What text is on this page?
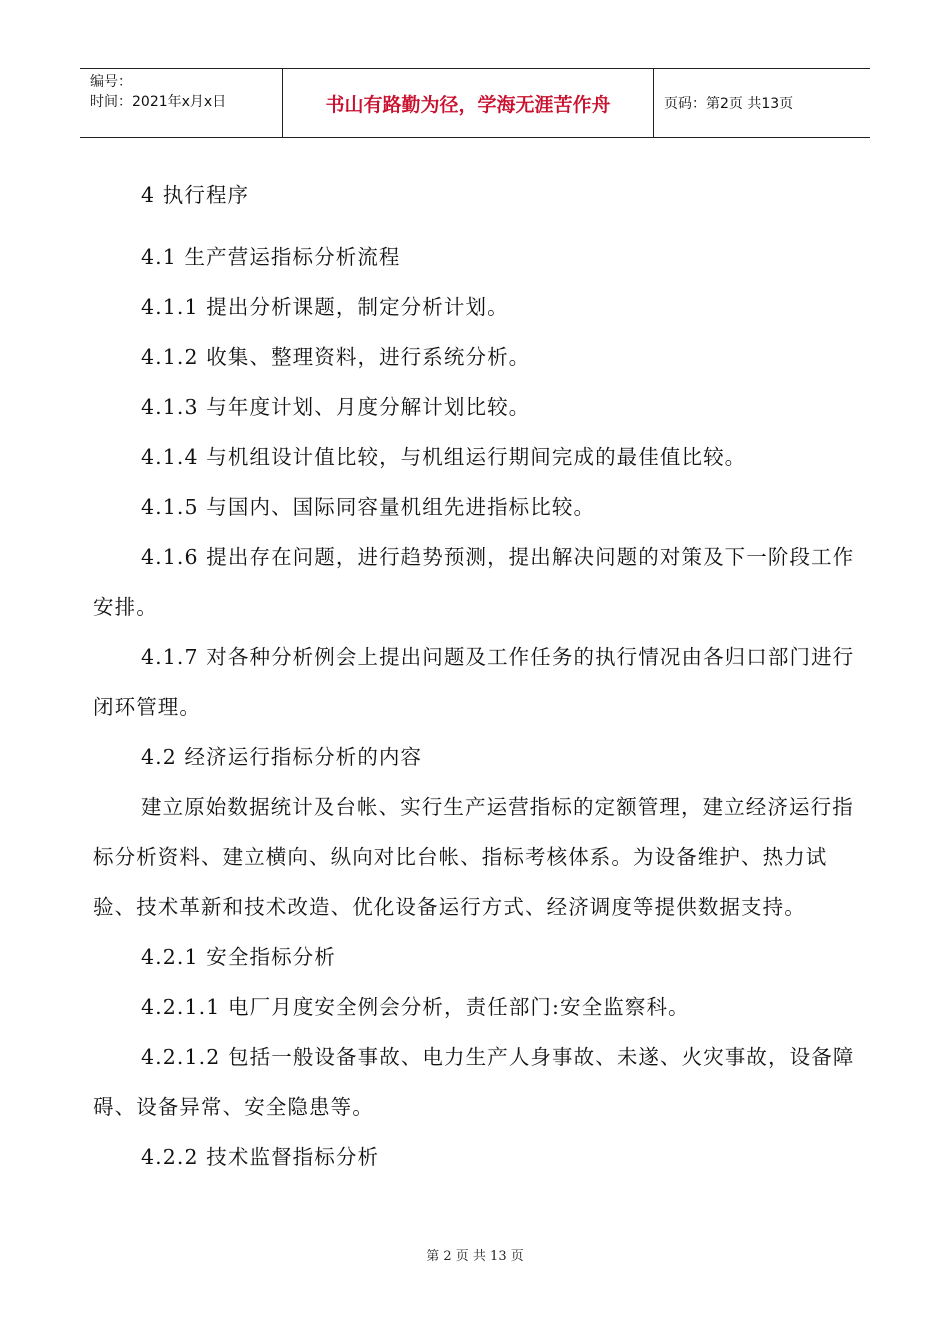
编号：
时间：2021年x月x日	书山有路勤为径，学海无涯苦作舟	页码：第2页 共13页

4 执行程序

4.1 生产营运指标分析流程

4.1.1 提出分析课题，制定分析计划。

4.1.2 收集、整理资料，进行系统分析。

4.1.3 与年度计划、月度分解计划比较。

4.1.4 与机组设计值比较，与机组运行期间完成的最佳值比较。

4.1.5 与国内、国际同容量机组先进指标比较。

4.1.6 提出存在问题，进行趋势预测，提出解决问题的对策及下一阶段工作安排。

4.1.7 对各种分析例会上提出问题及工作任务的执行情况由各归口部门进行闭环管理。

4.2 经济运行指标分析的内容

建立原始数据统计及台帐、实行生产运营指标的定额管理，建立经济运行指标分析资料、建立横向、纵向对比台帐、指标考核体系。为设备维护、热力试验、技术革新和技术改造、优化设备运行方式、经济调度等提供数据支持。

4.2.1 安全指标分析

4.2.1.1 电厂月度安全例会分析，责任部门:安全监察科。

4.2.1.2 包括一般设备事故、电力生产人身事故、未遂、火灾事故，设备障碍、设备异常、安全隐患等。

4.2.2 技术监督指标分析

第 2 页 共 13 页
